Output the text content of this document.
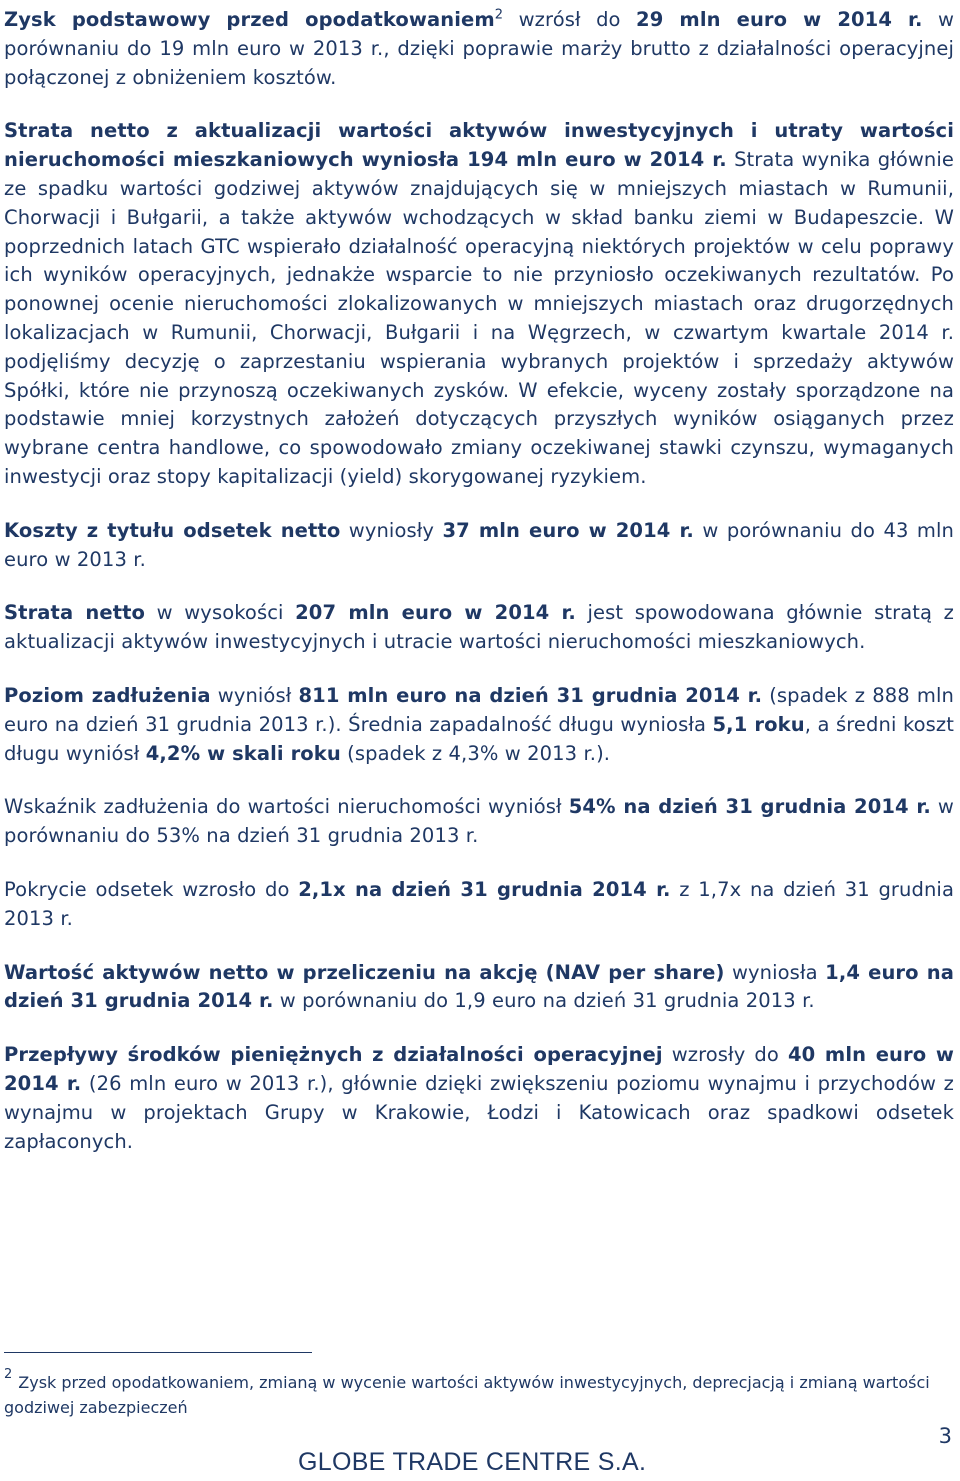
Zysk podstawowy przed opodatkowaniem$^2$ wzrósł do 29 mln euro w 2014 r. w porównaniu do 19 mln euro w 2013 r., dzięki poprawie marży brutto z działalności operacyjnej połączonej z obniżeniem kosztów.

Strata netto z aktualizacji wartości aktywów inwestycyjnych i utraty wartości nieruchomości mieszkaniowych wyniosła 194 mln euro w 2014 r. Strata wynika głównie ze spadku wartości godziwej aktywów znajdujących się w mniejszych miastach w Rumunii, Chorwacji i Bułgarii, a także aktywów wchodzących w skład banku ziemi w Budapeszcie. W poprzednich latach GTC wspierało działalność operacyjną niektórych projektów w celu poprawy ich wyników operacyjnych, jednakże wsparcie to nie przyniosło oczekiwanych rezultatów. Po ponownej ocenie nieruchomości zlokalizowanych w mniejszych miastach oraz drugorzędnych lokalizacjach w Rumunii, Chorwacji, Bułgarii i na Węgrzech, w czwartym kwartale 2014 r. podjęliśmy decyzję o zaprzestaniu wspierania wybranych projektów i sprzedaży aktywów Spółki, które nie przynoszą oczekiwanych zysków. W efekcie, wyceny zostały sporządzone na podstawie mniej korzystnych założeń dotyczących przyszłych wyników osiąganych przez wybrane centra handlowe, co spowodowało zmiany oczekiwanej stawki czynszu, wymaganych inwestycji oraz stopy kapitalizacji (yield) skorygowanej ryzykiem.

Koszty z tytułu odsetek netto wyniosły 37 mln euro w 2014 r. w porównaniu do 43 mln euro w 2013 r.

Strata netto w wysokości 207 mln euro w 2014 r. jest spowodowana głównie stratą z aktualizacji aktywów inwestycyjnych i utracie wartości nieruchomości mieszkaniowych.

Poziom zadłużenia wyniósł 811 mln euro na dzień 31 grudnia 2014 r. (spadek z 888 mln euro na dzień 31 grudnia 2013 r.). Średnia zapadalność długu wyniosła 5,1 roku, a średni koszt długu wyniósł 4,2% w skali roku (spadek z 4,3% w 2013 r.).

Wskaźnik zadłużenia do wartości nieruchomości wyniósł 54% na dzień 31 grudnia 2014 r. w porównaniu do 53% na dzień 31 grudnia 2013 r.

Pokrycie odsetek wzrosło do 2,1x na dzień 31 grudnia 2014 r. z 1,7x na dzień 31 grudnia 2013 r.

Wartość aktywów netto w przeliczeniu na akcję (NAV per share) wyniosła 1,4 euro na dzień 31 grudnia 2014 r. w porównaniu do 1,9 euro na dzień 31 grudnia 2013 r.

Przepływy środków pieniężnych z działalności operacyjnej wzrosły do 40 mln euro w 2014 r. (26 mln euro w 2013 r.), głównie dzięki zwiększeniu poziomu wynajmu i przychodów z wynajmu w projektach Grupy w Krakowie, Łodzi i Katowicach oraz spadkowi odsetek zapłaconych.

2 Zysk przed opodatkowaniem, zmianą w wycenie wartości aktywów inwestycyjnych, deprecjacją i zmianą wartości godziwej zabezpieczeń
3
GLOBE TRADE CENTRE S.A.
